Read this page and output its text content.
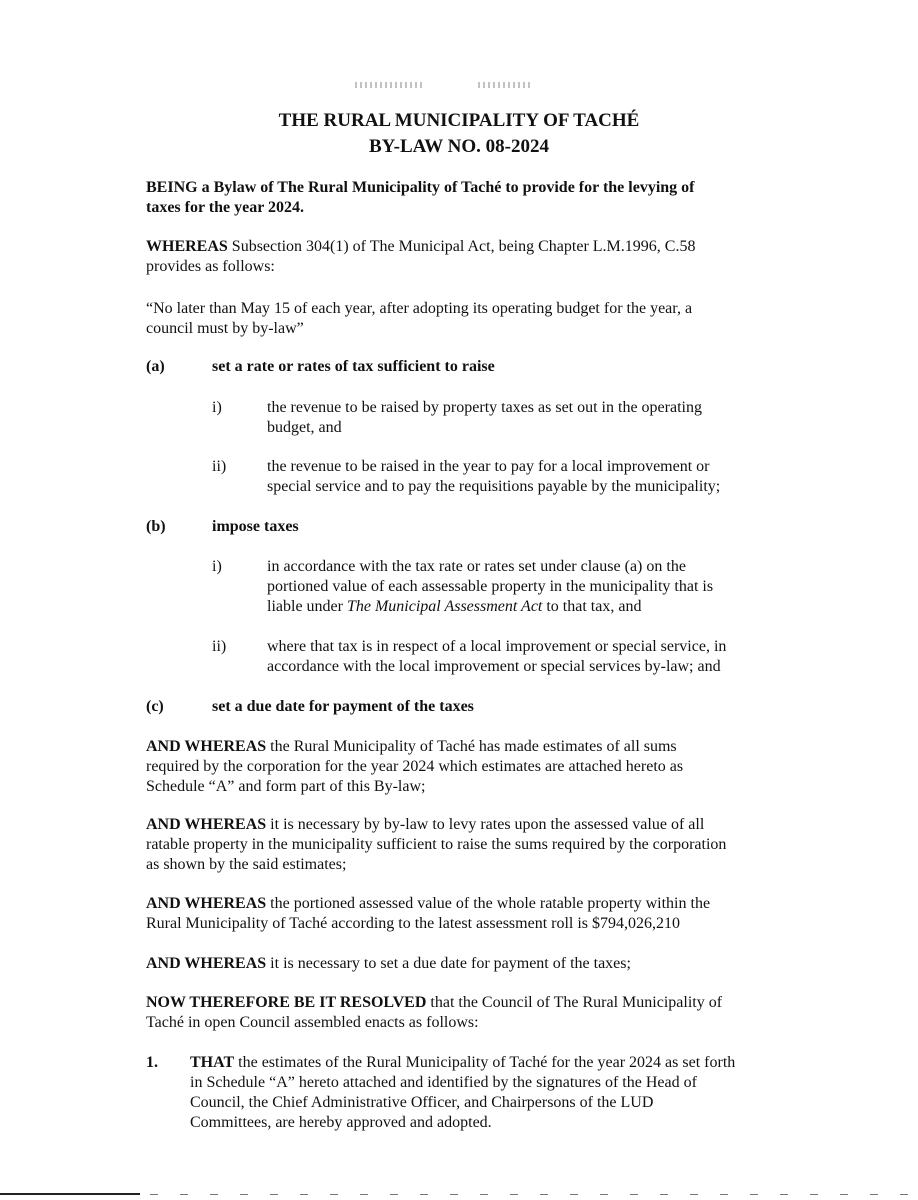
THE RURAL MUNICIPALITY OF TACHÉ
BY-LAW NO. 08-2024
BEING a Bylaw of The Rural Municipality of Taché to provide for the levying of
taxes for the year 2024.
WHEREAS Subsection 304(1) of The Municipal Act, being Chapter L.M.1996, C.58
provides as follows:
“No later than May 15 of each year, after adopting its operating budget for the year, a
council must by by-law”
(a)	set a rate or rates of tax sufficient to raise
i)	the revenue to be raised by property taxes as set out in the operating
budget, and
ii)	the revenue to be raised in the year to pay for a local improvement or
special service and to pay the requisitions payable by the municipality;
(b)	impose taxes
i)	in accordance with the tax rate or rates set under clause (a) on the
portioned value of each assessable property in the municipality that is
liable under The Municipal Assessment Act to that tax, and
ii)	where that tax is in respect of a local improvement or special service, in
accordance with the local improvement or special services by-law; and
(c)	set a due date for payment of the taxes
AND WHEREAS the Rural Municipality of Taché has made estimates of all sums
required by the corporation for the year 2024 which estimates are attached hereto as
Schedule “A” and form part of this By-law;
AND WHEREAS it is necessary by by-law to levy rates upon the assessed value of all
ratable property in the municipality sufficient to raise the sums required by the corporation
as shown by the said estimates;
AND WHEREAS the portioned assessed value of the whole ratable property within the
Rural Municipality of Taché according to the latest assessment roll is $794,026,210
AND WHEREAS it is necessary to set a due date for payment of the taxes;
NOW THEREFORE BE IT RESOLVED that the Council of The Rural Municipality of
Taché in open Council assembled enacts as follows:
1. THAT the estimates of the Rural Municipality of Taché for the year 2024 as set forth
in Schedule “A” hereto attached and identified by the signatures of the Head of
Council, the Chief Administrative Officer, and Chairpersons of the LUD
Committees, are hereby approved and adopted.
